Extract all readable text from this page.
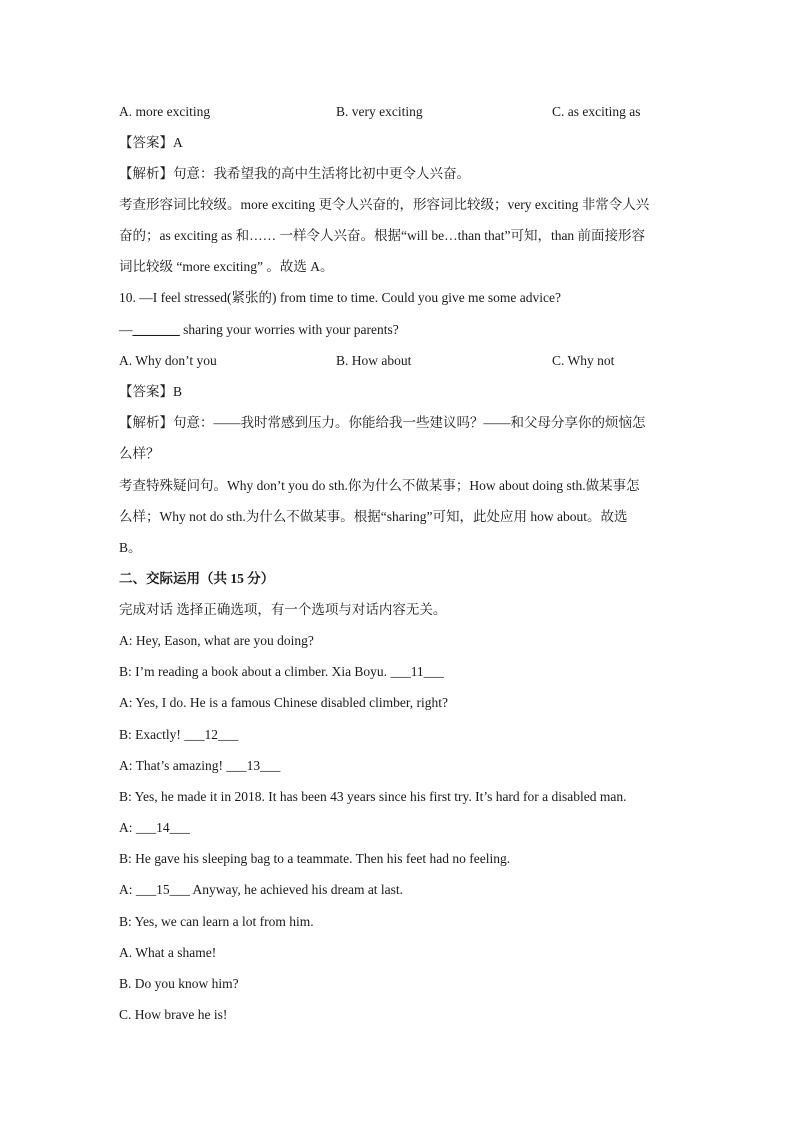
A. more exciting	B. very exciting	C. as exciting as
【答案】A
【解析】句意：我希望我的高中生活将比初中更令人兴奋。
考查形容词比较级。more exciting 更令人兴奋的，形容词比较级；very exciting 非常令人兴
奋的；as exciting as 和…… 一样令人兴奋。根据“will be…than that”可知，than 前面接形容
词比较级 “more exciting” 。故选 A。
10. —I feel stressed(紧张的) from time to time. Could you give me some advice?
—_______ sharing your worries with your parents?
A. Why don’t you	B. How about	C. Why not
【答案】B
【解析】句意：——我时常感到压力。你能给我一些建议吗？——和父母分享你的烦恼怎
么样？
考查特殊疑问句。Why don’t you do sth.你为什么不做某事；How about doing sth.做某事怎
么样；Why not do sth.为什么不做某事。根据“sharing”可知，此处应用 how about。故选
B。
二、交际运用（共 15 分）
完成对话 选择正确选项，有一个选项与对话内容无关。
A: Hey, Eason, what are you doing?
B: I’m reading a book about a climber. Xia Boyu. ___11___
A: Yes, I do. He is a famous Chinese disabled climber, right?
B: Exactly! ___12___
A: That’s amazing! ___13___
B: Yes, he made it in 2018. It has been 43 years since his first try. It’s hard for a disabled man.
A: ___14___
B: He gave his sleeping bag to a teammate. Then his feet had no feeling.
A: ___15___ Anyway, he achieved his dream at last.
B: Yes, we can learn a lot from him.
A. What a shame!
B. Do you know him?
C. How brave he is!
